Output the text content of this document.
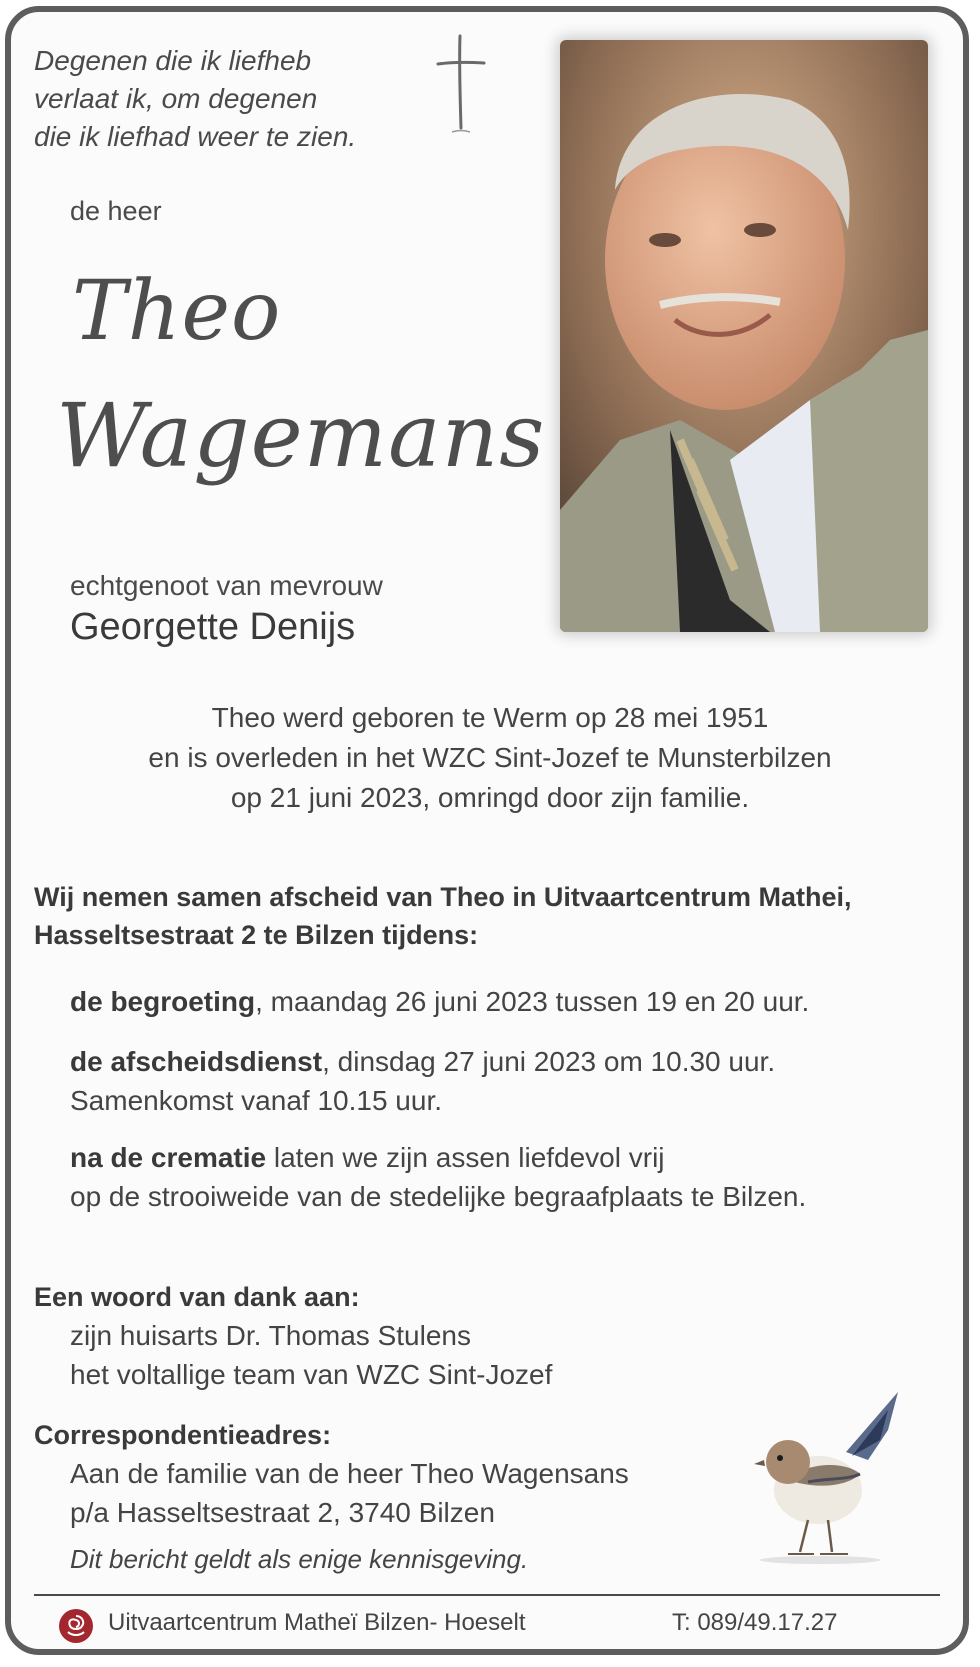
Degenen die ik liefheb
verlaat ik, om degenen
die ik liefhad weer te zien.
de heer
Theo
Wagemans
echtgenoot van mevrouw
Georgette Denijs
Theo werd geboren te Werm op 28 mei 1951
en is overleden in het WZC Sint-Jozef te Munsterbilzen
op 21 juni 2023, omringd door zijn familie.
Wij nemen samen afscheid van Theo in Uitvaartcentrum Mathei,
Hasseltsestraat 2 te Bilzen tijdens:
de begroeting, maandag 26 juni 2023 tussen 19 en 20 uur.
de afscheidsdienst, dinsdag 27 juni 2023 om 10.30 uur.
Samenkomst vanaf 10.15 uur.
na de crematie laten we zijn assen liefdevol vrij
op de strooiweide van de stedelijke begraafplaats te Bilzen.
Een woord van dank aan:
zijn huisarts Dr. Thomas Stulens
het voltallige team van WZC Sint-Jozef
Correspondentieadres:
Aan de familie van de heer Theo Wagensans
p/a Hasseltsestraat 2, 3740 Bilzen
Dit bericht geldt als enige kennisgeving.
Uitvaartcentrum Matheï Bilzen- Hoeselt	T: 089/49.17.27
